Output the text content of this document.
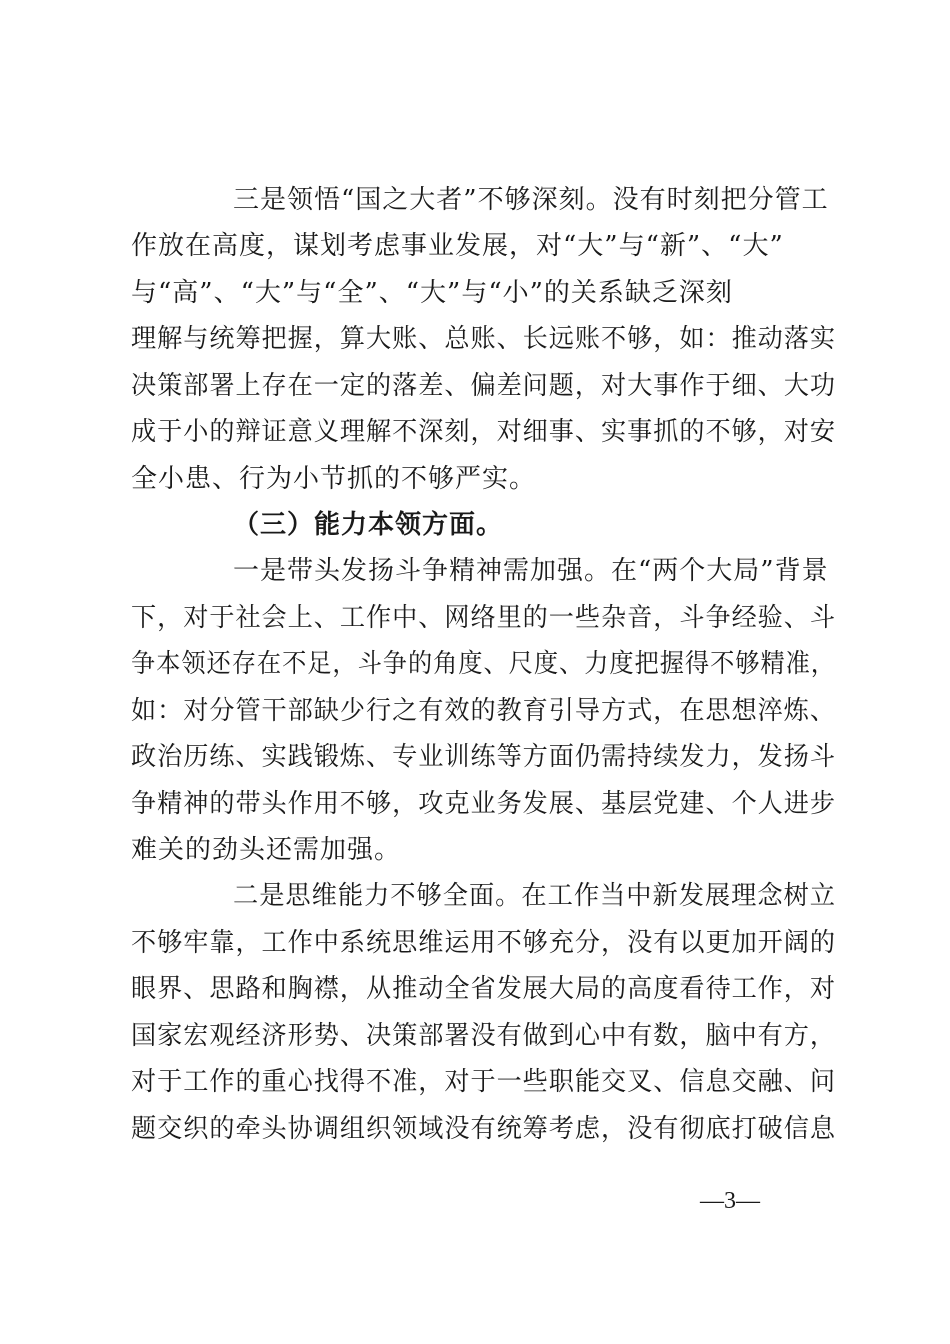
三是领悟“国之大者”不够深刻。没有时刻把分管工
作放在高度，谋划考虑事业发展，对“大”与“新”、“大”
与“高”、“大”与“全”、“大”与“小”的关系缺乏深刻
理解与统筹把握，算大账、总账、长远账不够，如：推动落实
决策部署上存在一定的落差、偏差问题，对大事作于细、大功
成于小的辩证意义理解不深刻，对细事、实事抓的不够，对安
全小患、行为小节抓的不够严实。
（三）能力本领方面。
一是带头发扬斗争精神需加强。在“两个大局”背景
下，对于社会上、工作中、网络里的一些杂音，斗争经验、斗
争本领还存在不足，斗争的角度、尺度、力度把握得不够精准，
如：对分管干部缺少行之有效的教育引导方式，在思想淬炼、
政治历练、实践锻炼、专业训练等方面仍需持续发力，发扬斗
争精神的带头作用不够，攻克业务发展、基层党建、个人进步
难关的劲头还需加强。
二是思维能力不够全面。在工作当中新发展理念树立
不够牢靠，工作中系统思维运用不够充分，没有以更加开阔的
眼界、思路和胸襟，从推动全省发展大局的高度看待工作，对
国家宏观经济形势、决策部署没有做到心中有数，脑中有方，
对于工作的重心找得不准，对于一些职能交叉、信息交融、问
题交织的牵头协调组织领域没有统筹考虑，没有彻底打破信息
—3—
